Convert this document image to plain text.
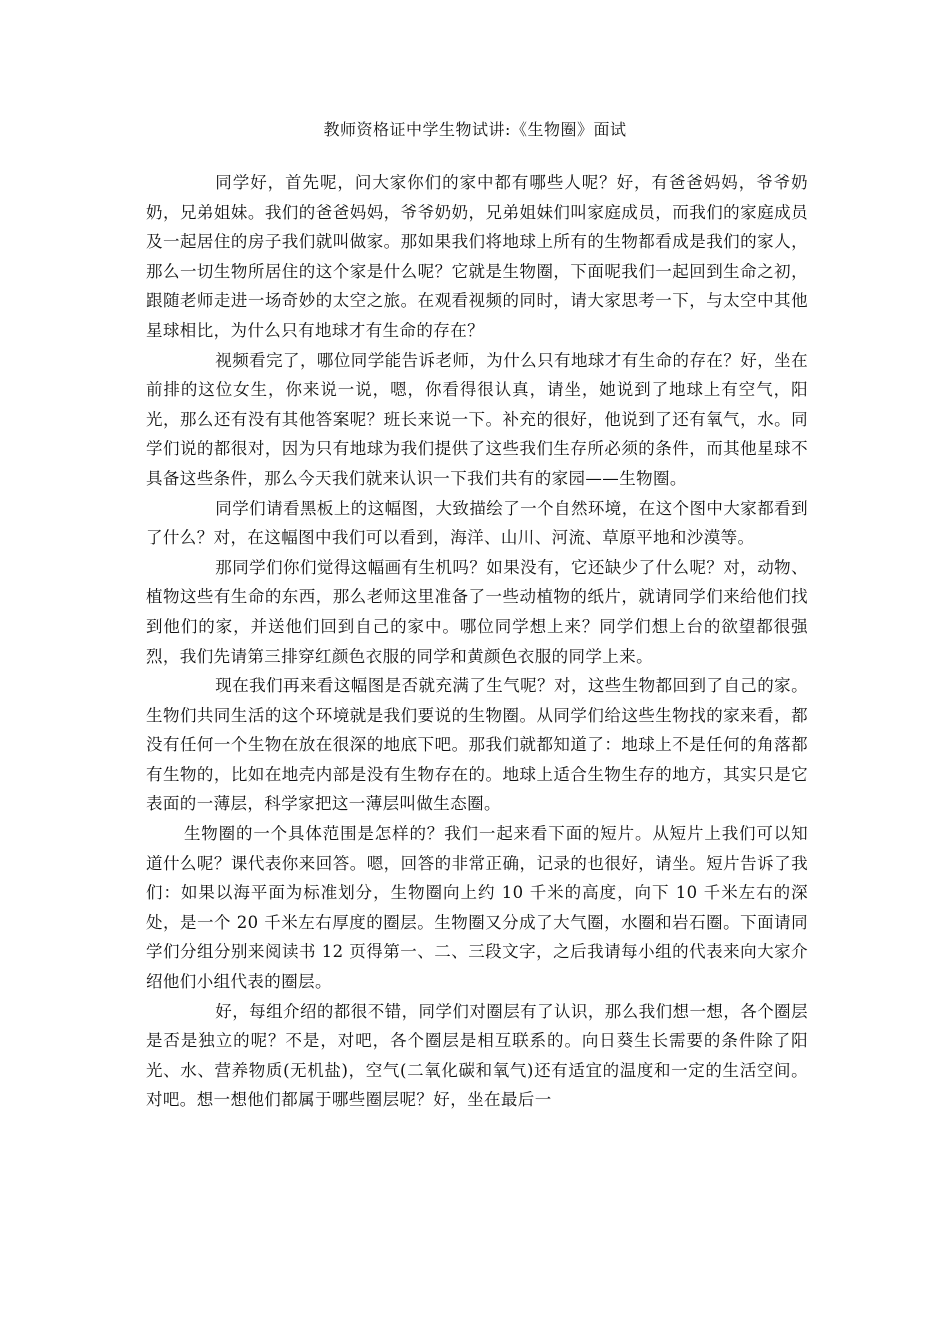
教师资格证中学生物试讲:《生物圈》面试

同学好，首先呢，问大家你们的家中都有哪些人呢？好，有爸爸妈妈，爷爷奶奶，兄弟姐妹。我们的爸爸妈妈，爷爷奶奶，兄弟姐妹们叫家庭成员，而我们的家庭成员及一起居住的房子我们就叫做家。那如果我们将地球上所有的生物都看成是我们的家人，那么一切生物所居住的这个家是什么呢？它就是生物圈，下面呢我们一起回到生命之初，跟随老师走进一场奇妙的太空之旅。在观看视频的同时，请大家思考一下，与太空中其他星球相比，为什么只有地球才有生命的存在？

视频看完了，哪位同学能告诉老师，为什么只有地球才有生命的存在？好，坐在前排的这位女生，你来说一说，嗯，你看得很认真，请坐，她说到了地球上有空气，阳光，那么还有没有其他答案呢？班长来说一下。补充的很好，他说到了还有氧气，水。同学们说的都很对，因为只有地球为我们提供了这些我们生存所必须的条件，而其他星球不具备这些条件，那么今天我们就来认识一下我们共有的家园——生物圈。

同学们请看黑板上的这幅图，大致描绘了一个自然环境，在这个图中大家都看到了什么？对，在这幅图中我们可以看到，海洋、山川、河流、草原平地和沙漠等。

那同学们你们觉得这幅画有生机吗？如果没有，它还缺少了什么呢？对，动物、植物这些有生命的东西，那么老师这里准备了一些动植物的纸片，就请同学们来给他们找到他们的家，并送他们回到自己的家中。哪位同学想上来？同学们想上台的欲望都很强烈，我们先请第三排穿红颜色衣服的同学和黄颜色衣服的同学上来。

现在我们再来看这幅图是否就充满了生气呢？对，这些生物都回到了自己的家。生物们共同生活的这个环境就是我们要说的生物圈。从同学们给这些生物找的家来看，都没有任何一个生物在放在很深的地底下吧。那我们就都知道了：地球上不是任何的角落都有生物的，比如在地壳内部是没有生物存在的。地球上适合生物生存的地方，其实只是它表面的一薄层，科学家把这一薄层叫做生态圈。

生物圈的一个具体范围是怎样的？我们一起来看下面的短片。从短片上我们可以知道什么呢？课代表你来回答。嗯，回答的非常正确，记录的也很好，请坐。短片告诉了我们：如果以海平面为标准划分，生物圈向上约 10 千米的高度，向下 10 千米左右的深处，是一个 20 千米左右厚度的圈层。生物圈又分成了大气圈，水圈和岩石圈。下面请同学们分组分别来阅读书 12 页得第一、二、三段文字，之后我请每小组的代表来向大家介绍他们小组代表的圈层。

好，每组介绍的都很不错，同学们对圈层有了认识，那么我们想一想，各个圈层是否是独立的呢？不是，对吧，各个圈层是相互联系的。向日葵生长需要的条件除了阳光、水、营养物质(无机盐)，空气(二氧化碳和氧气)还有适宜的温度和一定的生活空间。对吧。想一想他们都属于哪些圈层呢？好，坐在最后一
